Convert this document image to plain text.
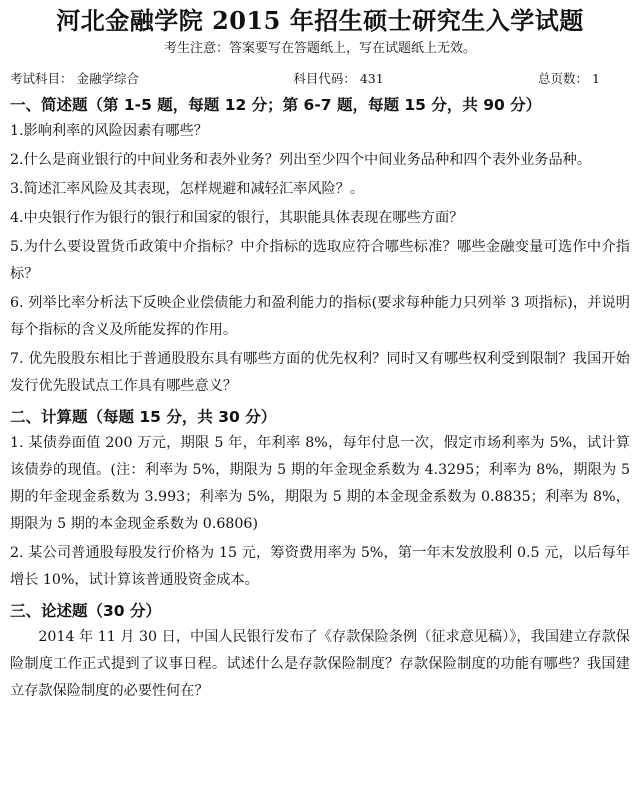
河北金融学院 2015 年招生硕士研究生入学试题
考生注意：答案要写在答题纸上，写在试题纸上无效。
考试科目： 金融学综合	科目代码： 431	总页数： 1
一、简述题（第 1-5 题，每题 12 分；第 6-7 题，每题 15 分，共 90 分）

1.影响利率的风险因素有哪些？

2.什么是商业银行的中间业务和表外业务？列出至少四个中间业务品种和四个表外业务品种。

3.简述汇率风险及其表现，怎样规避和减轻汇率风险？。

4.中央银行作为银行的银行和国家的银行，其职能具体表现在哪些方面？

5.为什么要设置货币政策中介指标？中介指标的选取应符合哪些标准？哪些金融变量可选作中介指标？

6. 列举比率分析法下反映企业偿债能力和盈利能力的指标(要求每种能力只列举 3 项指标)，并说明每个指标的含义及所能发挥的作用。

7. 优先股股东相比于普通股股东具有哪些方面的优先权利？同时又有哪些权利受到限制？我国开始发行优先股试点工作具有哪些意义？

二、计算题（每题 15 分，共 30 分）

1. 某债券面值 200 万元，期限 5 年，年利率 8%，每年付息一次，假定市场利率为 5%，试计算该债券的现值。(注：利率为 5%，期限为 5 期的年金现金系数为 4.3295；利率为 8%，期限为 5 期的年金现金系数为 3.993；利率为 5%，期限为 5 期的本金现金系数为 0.8835；利率为 8%，期限为 5 期的本金现金系数为 0.6806)

2. 某公司普通股每股发行价格为 15 元，筹资费用率为 5%，第一年末发放股利 0.5 元，以后每年增长 10%，试计算该普通股资金成本。

三、论述题（30 分）

2014 年 11 月 30 日，中国人民银行发布了《存款保险条例（征求意见稿）》，我国建立存款保险制度工作正式提到了议事日程。试述什么是存款保险制度？存款保险制度的功能有哪些？我国建立存款保险制度的必要性何在？
